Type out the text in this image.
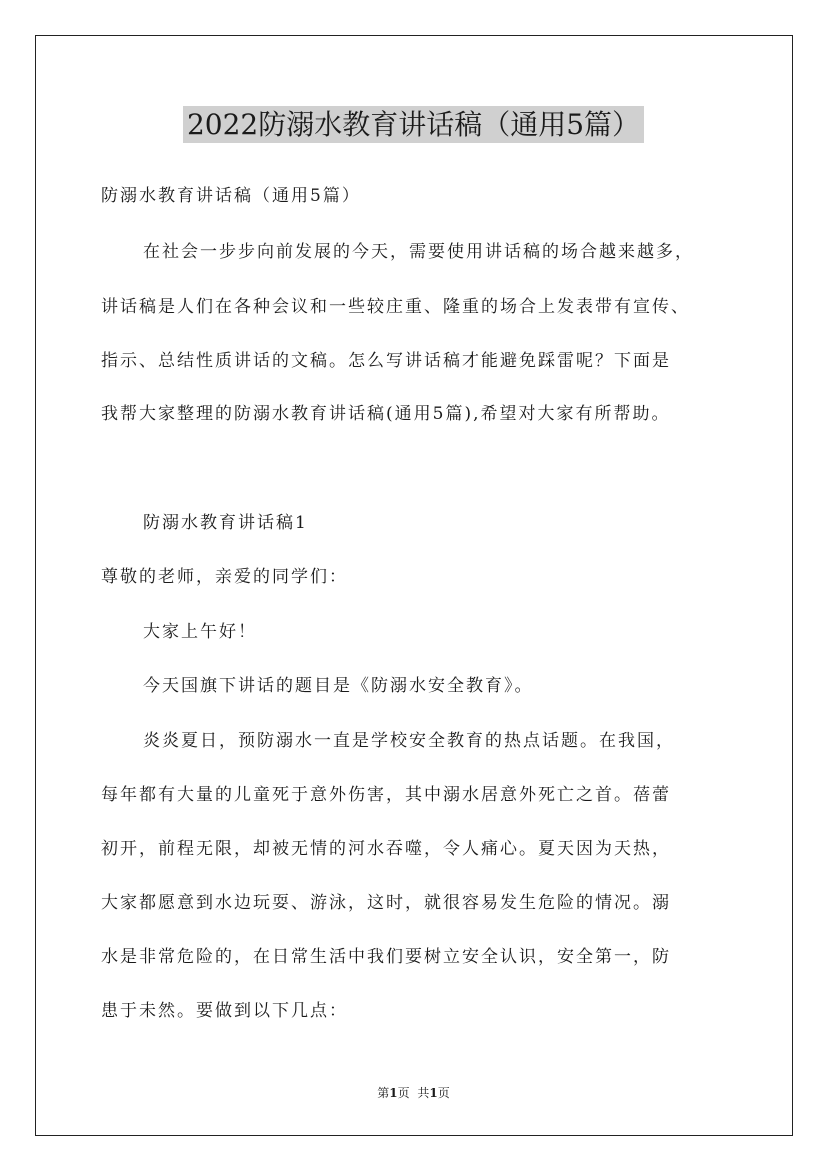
2022防溺水教育讲话稿（通用5篇）
防溺水教育讲话稿（通用5篇）
在社会一步步向前发展的今天，需要使用讲话稿的场合越来越多，
讲话稿是人们在各种会议和一些较庄重、隆重的场合上发表带有宣传、
指示、总结性质讲话的文稿。怎么写讲话稿才能避免踩雷呢？下面是
我帮大家整理的防溺水教育讲话稿(通用5篇),希望对大家有所帮助。
防溺水教育讲话稿1
尊敬的老师，亲爱的同学们：
大家上午好！
今天国旗下讲话的题目是《防溺水安全教育》。
炎炎夏日，预防溺水一直是学校安全教育的热点话题。在我国，
每年都有大量的儿童死于意外伤害，其中溺水居意外死亡之首。蓓蕾
初开，前程无限，却被无情的河水吞噬，令人痛心。夏天因为天热，
大家都愿意到水边玩耍、游泳，这时，就很容易发生危险的情况。溺
水是非常危险的，在日常生活中我们要树立安全认识，安全第一，防
患于未然。要做到以下几点：
第1页 共1页
